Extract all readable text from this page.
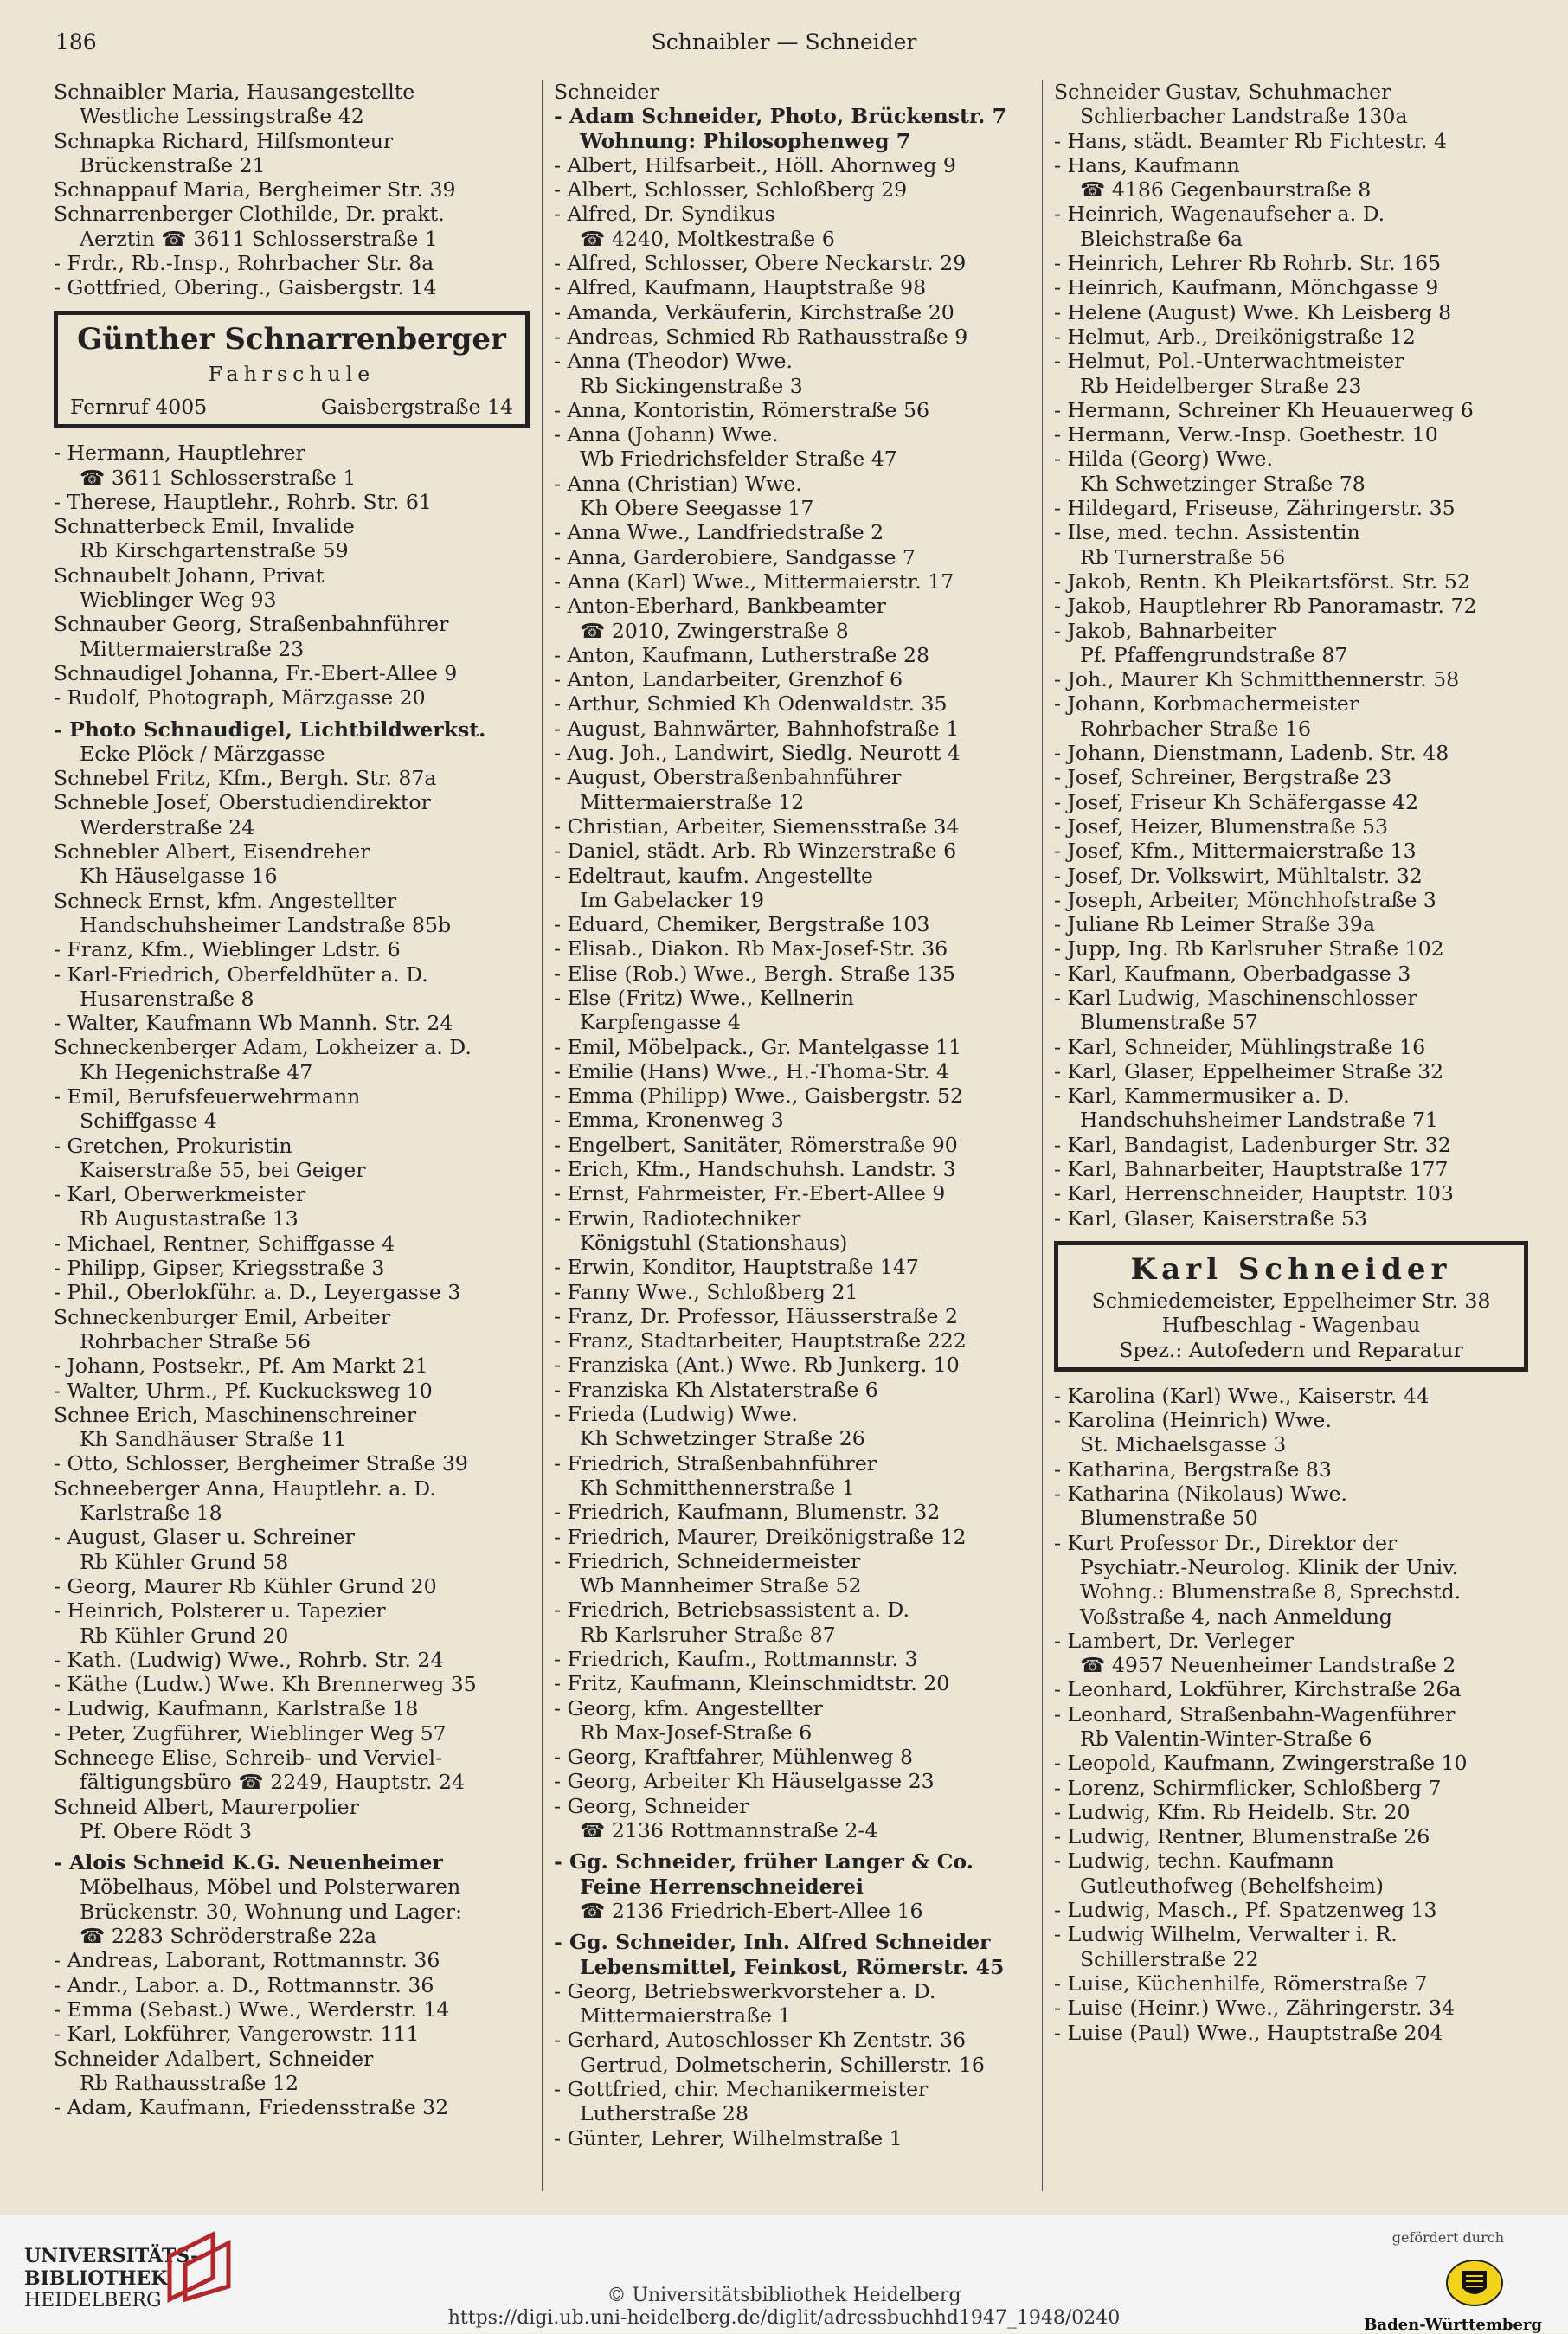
186	Schnaibler — Schneider
Schnaibler Maria, Hausangestellte
Westliche Lessingstraße 42
Schnapka Richard, Hilfsmonteur
Brückenstraße 21
Schnappauf Maria, Bergheimer Str. 39
Schnarrenberger Clothilde, Dr. prakt.
Aerztin ☎ 3611 Schlosserstraße 1
- Frdr., Rb.-Insp., Rohrbacher Str. 8a
- Gottfried, Obering., Gaisbergstr. 14
Günther Schnarrenberger
Fahrschule
Fernruf 4005	Gaisbergstraße 14
- Hermann, Hauptlehrer
☎ 3611 Schlosserstraße 1
- Therese, Hauptlehr., Rohrb. Str. 61
Schnatterbeck Emil, Invalide
Rb Kirschgartenstraße 59
Schnaubelt Johann, Privat
Wieblinger Weg 93
Schnauber Georg, Straßenbahnführer
Mittermaierstraße 23
Schnaudigel Johanna, Fr.-Ebert-Allee 9
- Rudolf, Photograph, Märzgasse 20
- Photo Schnaudigel, Lichtbildwerkst.
Ecke Plöck / Märzgasse
Schnebel Fritz, Kfm., Bergh. Str. 87a
Schneble Josef, Oberstudiendirektor
Werderstraße 24
Schnebler Albert, Eisendreher
Kh Häuselgasse 16
Schneck Ernst, kfm. Angestellter
Handschuhsheimer Landstraße 85b
- Franz, Kfm., Wieblinger Ldstr. 6
- Karl-Friedrich, Oberfeldhüter a. D.
Husarenstraße 8
- Walter, Kaufmann Wb Mannh. Str. 24
Schneckenberger Adam, Lokheizer a. D.
Kh Hegenichstraße 47
- Emil, Berufsfeuerwehrmann
Schiffgasse 4
- Gretchen, Prokuristin
Kaiserstraße 55, bei Geiger
- Karl, Oberwerkmeister
Rb Augustastraße 13
- Michael, Rentner, Schiffgasse 4
- Philipp, Gipser, Kriegsstraße 3
- Phil., Oberlokführ. a. D., Leyergasse 3
Schneckenburger Emil, Arbeiter
Rohrbacher Straße 56
- Johann, Postsekr., Pf. Am Markt 21
- Walter, Uhrm., Pf. Kuckucksweg 10
Schnee Erich, Maschinenschreiner
Kh Sandhäuser Straße 11
- Otto, Schlosser, Bergheimer Straße 39
Schneeberger Anna, Hauptlehr. a. D.
Karlstraße 18
- August, Glaser u. Schreiner
Rb Kühler Grund 58
- Georg, Maurer Rb Kühler Grund 20
- Heinrich, Polsterer u. Tapezier
Rb Kühler Grund 20
- Kath. (Ludwig) Wwe., Rohrb. Str. 24
- Käthe (Ludw.) Wwe. Kh Brennerweg 35
- Ludwig, Kaufmann, Karlstraße 18
- Peter, Zugführer, Wieblinger Weg 57
Schneege Elise, Schreib- und Verviel-
fältigungsbüro ☎ 2249, Hauptstr. 24
Schneid Albert, Maurerpolier
Pf. Obere Rödt 3
- Alois Schneid K.G. Neuenheimer
Möbelhaus, Möbel und Polsterwaren
Brückenstr. 30, Wohnung und Lager:
☎ 2283 Schröderstraße 22a
- Andreas, Laborant, Rottmannstr. 36
- Andr., Labor. a. D., Rottmannstr. 36
- Emma (Sebast.) Wwe., Werderstr. 14
- Karl, Lokführer, Vangerowstr. 111
Schneider Adalbert, Schneider
Rb Rathausstraße 12
- Adam, Kaufmann, Friedensstraße 32
Schneider
- Adam Schneider, Photo, Brückenstr. 7
Wohnung: Philosophenweg 7
- Albert, Hilfsarbeit., Höll. Ahornweg 9
- Albert, Schlosser, Schloßberg 29
- Alfred, Dr. Syndikus
☎ 4240, Moltkestraße 6
- Alfred, Schlosser, Obere Neckarstr. 29
- Alfred, Kaufmann, Hauptstraße 98
- Amanda, Verkäuferin, Kirchstraße 20
- Andreas, Schmied Rb Rathausstraße 9
- Anna (Theodor) Wwe.
Rb Sickingenstraße 3
- Anna, Kontoristin, Römerstraße 56
- Anna (Johann) Wwe.
Wb Friedrichsfelder Straße 47
- Anna (Christian) Wwe.
Kh Obere Seegasse 17
- Anna Wwe., Landfriedstraße 2
- Anna, Garderobiere, Sandgasse 7
- Anna (Karl) Wwe., Mittermaierstr. 17
- Anton-Eberhard, Bankbeamter
☎ 2010, Zwingerstraße 8
- Anton, Kaufmann, Lutherstraße 28
- Anton, Landarbeiter, Grenzhof 6
- Arthur, Schmied Kh Odenwaldstr. 35
- August, Bahnwärter, Bahnhofstraße 1
- Aug. Joh., Landwirt, Siedlg. Neurott 4
- August, Oberstraßenbahnführer
Mittermaierstraße 12
- Christian, Arbeiter, Siemensstraße 34
- Daniel, städt. Arb. Rb Winzerstraße 6
- Edeltraut, kaufm. Angestellte
Im Gabelacker 19
- Eduard, Chemiker, Bergstraße 103
- Elisab., Diakon. Rb Max-Josef-Str. 36
- Elise (Rob.) Wwe., Bergh. Straße 135
- Else (Fritz) Wwe., Kellnerin
Karpfengasse 4
- Emil, Möbelpack., Gr. Mantelgasse 11
- Emilie (Hans) Wwe., H.-Thoma-Str. 4
- Emma (Philipp) Wwe., Gaisbergstr. 52
- Emma, Kronenweg 3
- Engelbert, Sanitäter, Römerstraße 90
- Erich, Kfm., Handschuhsh. Landstr. 3
- Ernst, Fahrmeister, Fr.-Ebert-Allee 9
- Erwin, Radiotechniker
Königstuhl (Stationshaus)
- Erwin, Konditor, Hauptstraße 147
- Fanny Wwe., Schloßberg 21
- Franz, Dr. Professor, Häusserstraße 2
- Franz, Stadtarbeiter, Hauptstraße 222
- Franziska (Ant.) Wwe. Rb Junkerg. 10
- Franziska Kh Alstaterstraße 6
- Frieda (Ludwig) Wwe.
Kh Schwetzinger Straße 26
- Friedrich, Straßenbahnführer
Kh Schmitthennerstraße 1
- Friedrich, Kaufmann, Blumenstr. 32
- Friedrich, Maurer, Dreikönigstraße 12
- Friedrich, Schneidermeister
Wb Mannheimer Straße 52
- Friedrich, Betriebsassistent a. D.
Rb Karlsruher Straße 87
- Friedrich, Kaufm., Rottmannstr. 3
- Fritz, Kaufmann, Kleinschmidtstr. 20
- Georg, kfm. Angestellter
Rb Max-Josef-Straße 6
- Georg, Kraftfahrer, Mühlenweg 8
- Georg, Arbeiter Kh Häuselgasse 23
- Georg, Schneider
☎ 2136 Rottmannstraße 2-4
- Gg. Schneider, früher Langer & Co.
Feine Herrenschneiderei
☎ 2136 Friedrich-Ebert-Allee 16
- Gg. Schneider, Inh. Alfred Schneider
Lebensmittel, Feinkost, Römerstr. 45
- Georg, Betriebswerkvorsteher a. D.
Mittermaierstraße 1
- Gerhard, Autoschlosser Kh Zentstr. 36
Gertrud, Dolmetscherin, Schillerstr. 16
- Gottfried, chir. Mechanikermeister
Lutherstraße 28
- Günter, Lehrer, Wilhelmstraße 1
Schneider Gustav, Schuhmacher
Schlierbacher Landstraße 130a
- Hans, städt. Beamter Rb Fichtestr. 4
- Hans, Kaufmann
☎ 4186 Gegenbaurstraße 8
- Heinrich, Wagenaufseher a. D.
Bleichstraße 6a
- Heinrich, Lehrer Rb Rohrb. Str. 165
- Heinrich, Kaufmann, Mönchgasse 9
- Helene (August) Wwe. Kh Leisberg 8
- Helmut, Arb., Dreikönigstraße 12
- Helmut, Pol.-Unterwachtmeister
Rb Heidelberger Straße 23
- Hermann, Schreiner Kh Heuauerweg 6
- Hermann, Verw.-Insp. Goethestr. 10
- Hilda (Georg) Wwe.
Kh Schwetzinger Straße 78
- Hildegard, Friseuse, Zähringerstr. 35
- Ilse, med. techn. Assistentin
Rb Turnerstraße 56
- Jakob, Rentn. Kh Pleikartsförst. Str. 52
- Jakob, Hauptlehrer Rb Panoramastr. 72
- Jakob, Bahnarbeiter
Pf. Pfaffengrundstraße 87
- Joh., Maurer Kh Schmitthennerstr. 58
- Johann, Korbmachermeister
Rohrbacher Straße 16
- Johann, Dienstmann, Ladenb. Str. 48
- Josef, Schreiner, Bergstraße 23
- Josef, Friseur Kh Schäfergasse 42
- Josef, Heizer, Blumenstraße 53
- Josef, Kfm., Mittermaierstraße 13
- Josef, Dr. Volkswirt, Mühltalstr. 32
- Joseph, Arbeiter, Mönchhofstraße 3
- Juliane Rb Leimer Straße 39a
- Jupp, Ing. Rb Karlsruher Straße 102
- Karl, Kaufmann, Oberbadgasse 3
- Karl Ludwig, Maschinenschlosser
Blumenstraße 57
- Karl, Schneider, Mühlingstraße 16
- Karl, Glaser, Eppelheimer Straße 32
- Karl, Kammermusiker a. D.
Handschuhsheimer Landstraße 71
- Karl, Bandagist, Ladenburger Str. 32
- Karl, Bahnarbeiter, Hauptstraße 177
- Karl, Herrenschneider, Hauptstr. 103
- Karl, Glaser, Kaiserstraße 53
Karl Schneider
Schmiedemeister, Eppelheimer Str. 38
Hufbeschlag - Wagenbau
Spez.: Autofedern und Reparatur
- Karolina (Karl) Wwe., Kaiserstr. 44
- Karolina (Heinrich) Wwe.
St. Michaelsgasse 3
- Katharina, Bergstraße 83
- Katharina (Nikolaus) Wwe.
Blumenstraße 50
- Kurt Professor Dr., Direktor der
Psychiatr.-Neurolog. Klinik der Univ.
Wohng.: Blumenstraße 8, Sprechstd.
Voßstraße 4, nach Anmeldung
- Lambert, Dr. Verleger
☎ 4957 Neuenheimer Landstraße 2
- Leonhard, Lokführer, Kirchstraße 26a
- Leonhard, Straßenbahn-Wagenführer
Rb Valentin-Winter-Straße 6
- Leopold, Kaufmann, Zwingerstraße 10
- Lorenz, Schirmflicker, Schloßberg 7
- Ludwig, Kfm. Rb Heidelb. Str. 20
- Ludwig, Rentner, Blumenstraße 26
- Ludwig, techn. Kaufmann
Gutleuthofweg (Behelfsheim)
- Ludwig, Masch., Pf. Spatzenweg 13
- Ludwig Wilhelm, Verwalter i. R.
Schillerstraße 22
- Luise, Küchenhilfe, Römerstraße 7
- Luise (Heinr.) Wwe., Zähringerstr. 34
- Luise (Paul) Wwe., Hauptstraße 204
UNIVERSITÄTS-
BIBLIOTHEK
HEIDELBERG	© Universitätsbibliothek Heidelberg
https://digi.ub.uni-heidelberg.de/diglit/adressbuchhd1947_1948/0240
gefördert durch
Baden-Württemberg
